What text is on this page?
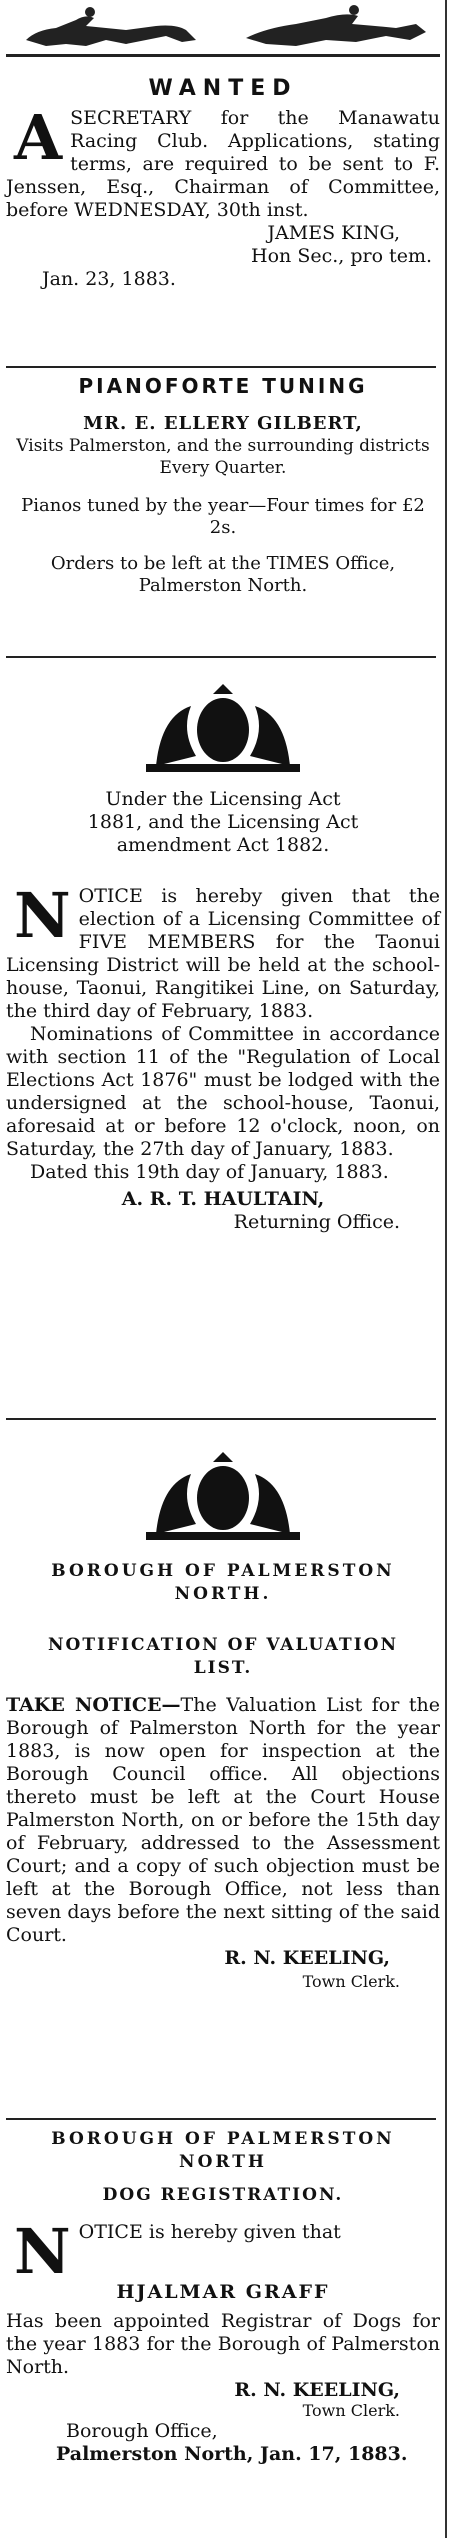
WANTED
A SECRETARY for the Manawatu Racing Club. Applications, stating terms, are required to be sent to F. Jenssen, Esq., Chairman of Committee, before WEDNESDAY, 30th inst.
JAMES KING,
Hon Sec., pro tem.
Jan. 23, 1883.
PIANOFORTE TUNING
MR. E. ELLERY GILBERT,
Visits Palmerston, and the surrounding districts Every Quarter.
Pianos tuned by the year—Four times for £2 2s.
Orders to be left at the TIMES Office, Palmerston North.
Under the Licensing Act 1881, and the Licensing Act amendment Act 1882.
N OTICE is hereby given that the election of a Licensing Committee of FIVE MEMBERS for the Taonui Licensing District will be held at the school-house, Taonui, Rangitikei Line, on Saturday, the third day of February, 1883.

Nominations of Committee in accordance with section 11 of the "Regulation of Local Elections Act 1876" must be lodged with the undersigned at the school-house, Taonui, aforesaid at or before 12 o'clock, noon, on Saturday, the 27th day of January, 1883.

Dated this 19th day of January, 1883.

A. R. T. HAULTAIN,
Returning Office.
BOROUGH OF PALMERSTON NORTH.
NOTIFICATION OF VALUATION LIST.
TAKE NOTICE—The Valuation List for the Borough of Palmerston North for the year 1883, is now open for inspection at the Borough Council office. All objections thereto must be left at the Court House Palmerston North, on or before the 15th day of February, addressed to the Assessment Court; and a copy of such objection must be left at the Borough Office, not less than seven days before the next sitting of the said Court.
R. N. KEELING,
Town Clerk.
BOROUGH OF PALMERSTON NORTH
DOG REGISTRATION.
N OTICE is hereby given that
HJALMAR GRAFF
Has been appointed Registrar of Dogs for the year 1883 for the Borough of Palmerston North.
R. N. KEELING,
Town Clerk.
Borough Office,
Palmerston North, Jan. 17, 1883.
